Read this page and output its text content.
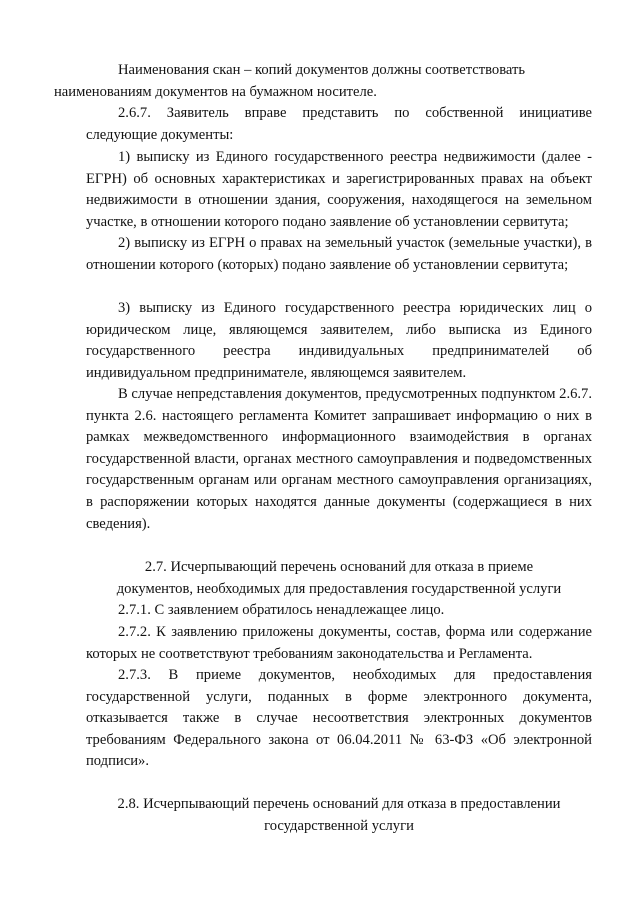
Наименования скан – копий документов должны соответствовать
наименованиям документов на бумажном носителе.

2.6.7. Заявитель вправе представить по собственной инициативе следующие документы:

1) выписку из Единого государственного реестра недвижимости (далее - ЕГРН) об основных характеристиках и зарегистрированных правах на объект недвижимости в отношении здания, сооружения, находящегося на земельном участке, в отношении которого подано заявление об установлении сервитута;

2) выписку из ЕГРН о правах на земельный участок (земельные участки), в отношении которого (которых) подано заявление об установлении сервитута;

3) выписку из Единого государственного реестра юридических лиц о юридическом лице, являющемся заявителем, либо выписка из Единого государственного реестра индивидуальных предпринимателей об индивидуальном предпринимателе, являющемся заявителем.

В случае непредставления документов, предусмотренных подпунктом 2.6.7. пункта 2.6. настоящего регламента Комитет запрашивает информацию о них в рамках межведомственного информационного взаимодействия в органах государственной власти, органах местного самоуправления и подведомственных государственным органам или органам местного самоуправления организациях, в распоряжении которых находятся данные документы (содержащиеся в них сведения).

2.7. Исчерпывающий перечень оснований для отказа в приеме
документов, необходимых для предоставления государственной услуги

2.7.1. С заявлением обратилось ненадлежащее лицо.

2.7.2. К заявлению приложены документы, состав, форма или содержание которых не соответствуют требованиям законодательства и Регламента.

2.7.3. В приеме документов, необходимых для предоставления государственной услуги, поданных в форме электронного документа, отказывается также в случае несоответствия электронных документов требованиям Федерального закона от 06.04.2011 № 63-ФЗ «Об электронной подписи».

2.8. Исчерпывающий перечень оснований для отказа в предоставлении
государственной услуги
